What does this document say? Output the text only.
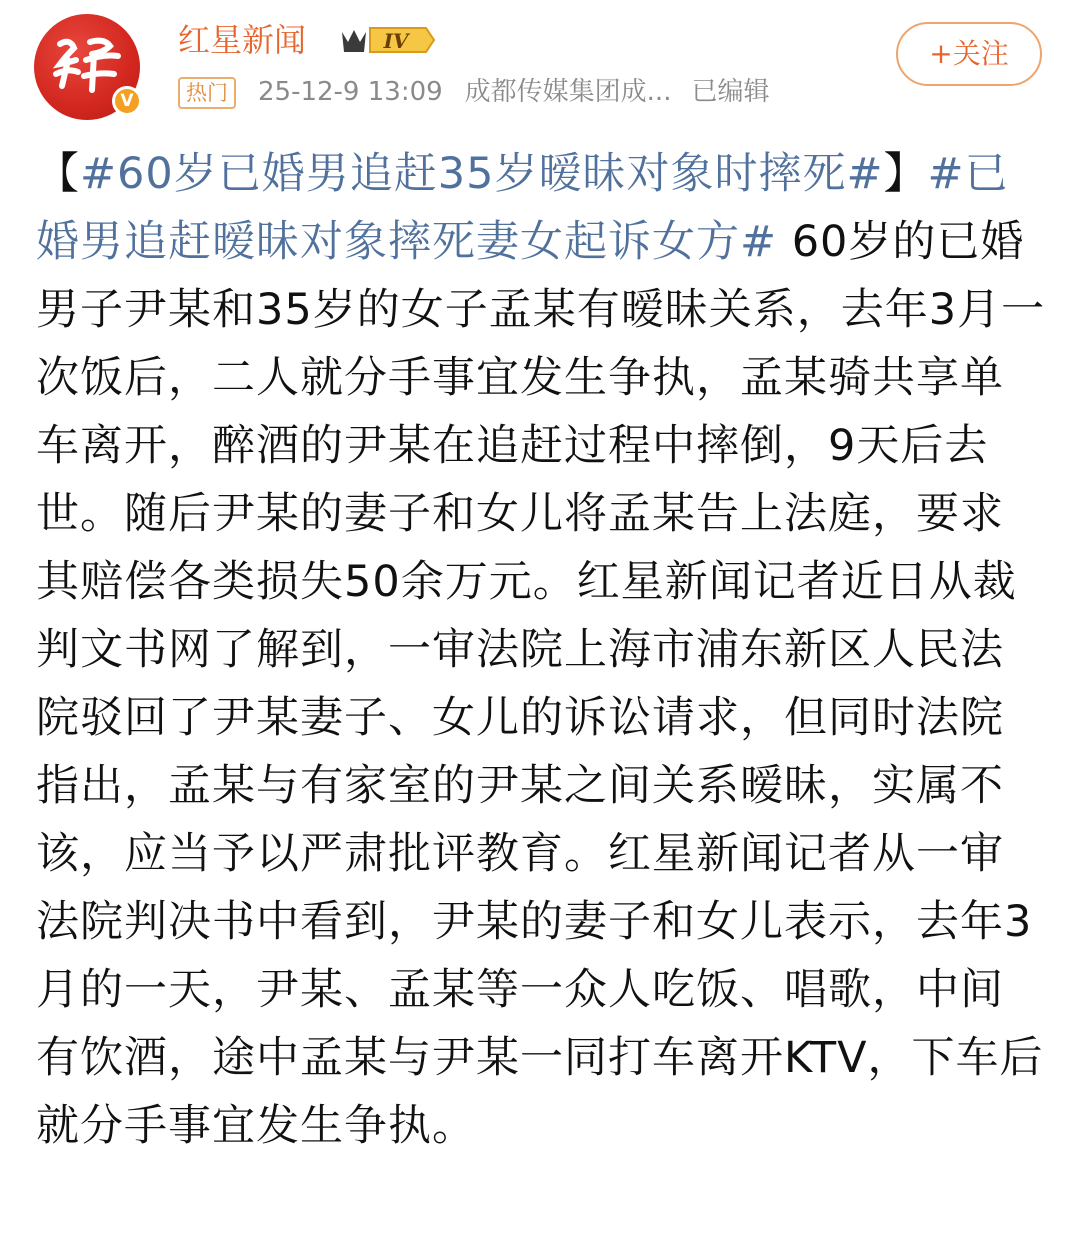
V
红星新闻	IV
热门 25-12-9 13:09 成都传媒集团成... 已编辑
+关注

【#60岁已婚男追赶35岁暧昧对象时摔死#】#已婚男追赶暧昧对象摔死妻女起诉女方# 60岁的已婚男子尹某和35岁的女子孟某有暧昧关系，去年3月一次饭后，二人就分手事宜发生争执，孟某骑共享单车离开，醉酒的尹某在追赶过程中摔倒，9天后去世。随后尹某的妻子和女儿将孟某告上法庭，要求其赔偿各类损失50余万元。红星新闻记者近日从裁判文书网了解到，一审法院上海市浦东新区人民法院驳回了尹某妻子、女儿的诉讼请求，但同时法院指出，孟某与有家室的尹某之间关系暧昧，实属不该，应当予以严肃批评教育。红星新闻记者从一审法院判决书中看到，尹某的妻子和女儿表示，去年3月的一天，尹某、孟某等一众人吃饭、唱歌，中间有饮酒，途中孟某与尹某一同打车离开KTV，下车后就分手事宜发生争执。
